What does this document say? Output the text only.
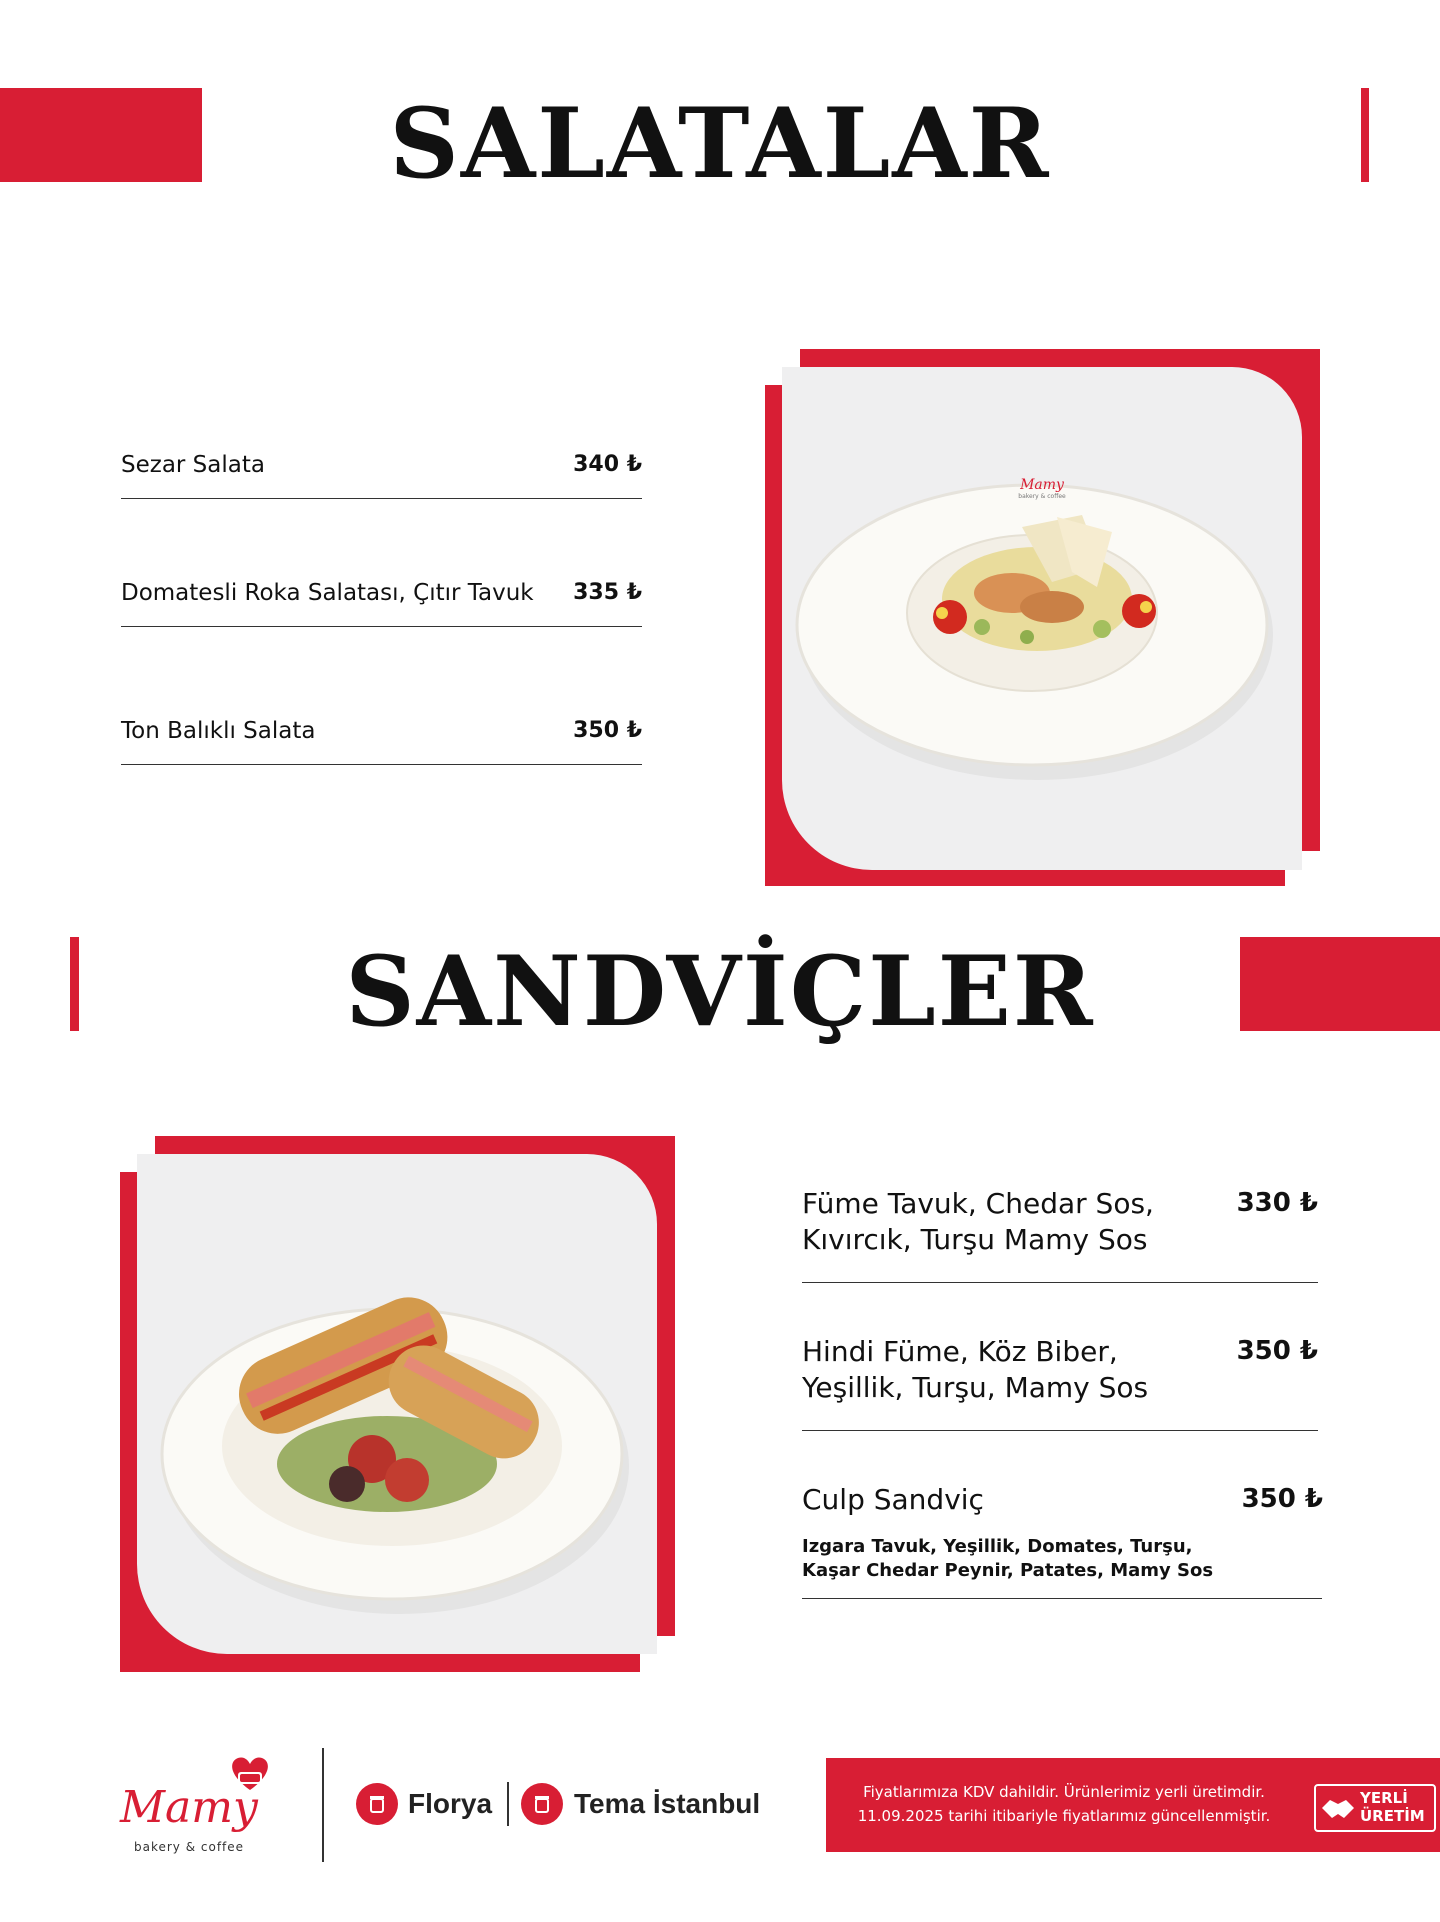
SALATALAR
Sezar Salata	340 ₺
Domatesli Roka Salatası, Çıtır Tavuk	335 ₺
Ton Balıklı Salata	350 ₺
Mamy
bakery & coffee
SANDVİÇLER
Füme Tavuk, Chedar Sos,
Kıvırcık, Turşu Mamy Sos
330 ₺
Hindi Füme, Köz Biber,
Yeşillik, Turşu, Mamy Sos
350 ₺
Culp Sandviç	350 ₺
Izgara Tavuk, Yeşillik, Domates, Turşu,
Kaşar Chedar Peynir, Patates, Mamy Sos
Mamy
bakery & coffee
Florya	Tema İstanbul	Fiyatlarımıza KDV dahildir. Ürünlerimiz yerli üretimdir.
11.09.2025 tarihi itibariyle fiyatlarımız güncellenmiştir.
YERLİ
ÜRETİM
